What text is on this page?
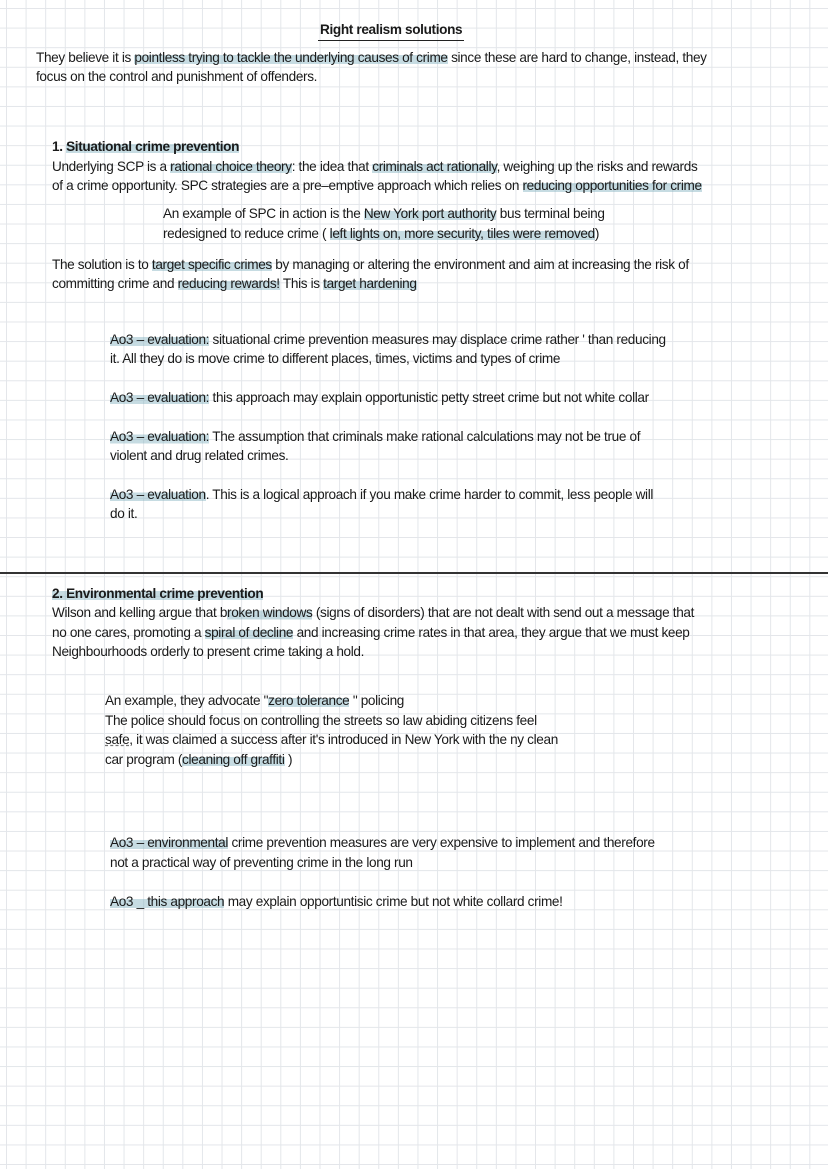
Right realism solutions
They believe it is pointless trying to tackle the underlying causes of crime since these are hard to change, instead, they
focus on the control and punishment of offenders.
1. Situational crime prevention
Underlying SCP is a rational choice theory: the idea that criminals act rationally, weighing up the risks and rewards
of a crime opportunity. SPC strategies are a pre–emptive approach which relies on reducing opportunities for crime
An example of SPC in action is the New York port authority bus terminal being
redesigned to reduce crime ( left lights on, more security, tiles were removed)
The solution is to target specific crimes by managing or altering the environment and aim at increasing the risk of
committing crime and reducing rewards! This is target hardening
Ao3 – evaluation: situational crime prevention measures may displace crime rather ' than reducing
it. All they do is move crime to different places, times, victims and types of crime
Ao3 – evaluation: this approach may explain opportunistic petty street crime but not white collar
Ao3 – evaluation: The assumption that criminals make rational calculations may not be true of
violent and drug related crimes.
Ao3 – evaluation. This is a logical approach if you make crime harder to commit, less people will
do it.
2. Environmental crime prevention
Wilson and kelling argue that broken windows (signs of disorders) that are not dealt with send out a message that
no one cares, promoting a spiral of decline and increasing crime rates in that area, they argue that we must keep
Neighbourhoods orderly to present crime taking a hold.
An example, they advocate "zero tolerance " policing
The police should focus on controlling the streets so law abiding citizens feel
safe, it was claimed a success after it's introduced in New York with the ny clean
car program (cleaning off graffiti )
Ao3 – environmental crime prevention measures are very expensive to implement and therefore
not a practical way of preventing crime in the long run
Ao3 _ this approach may explain opportuntisic crime but not white collard crime!
